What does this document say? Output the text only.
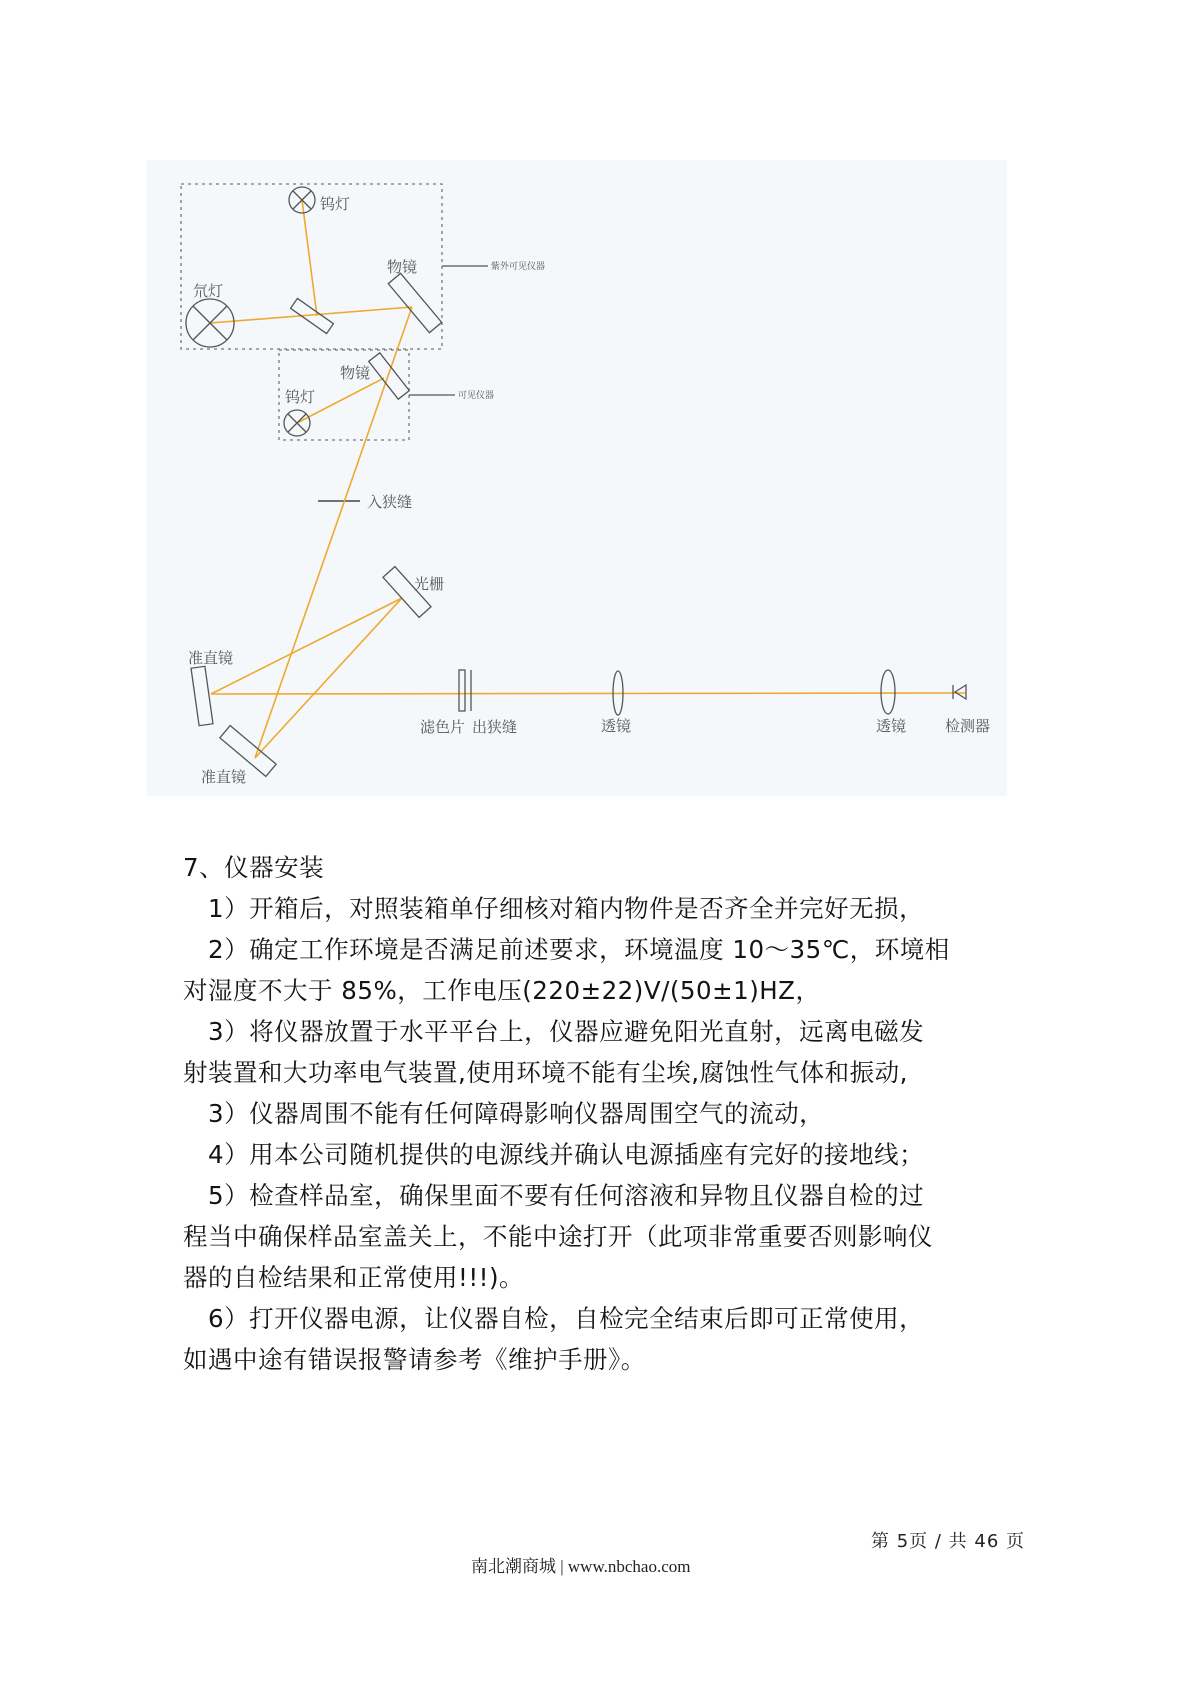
钨灯
氘灯
物镜
物镜
钨灯
入狭缝
光栅
准直镜
准直镜
滤色片 出狭缝	透镜	透镜	检测器
紫外可见仪器
可见仪器
7、仪器安装
1）开箱后，对照装箱单仔细核对箱内物件是否齐全并完好无损，
2）确定工作环境是否满足前述要求，环境温度 10～35℃，环境相
对湿度不大于 85%，工作电压(220±22)V/(50±1)HZ，
3）将仪器放置于水平平台上，仪器应避免阳光直射，远离电磁发
射装置和大功率电气装置,使用环境不能有尘埃,腐蚀性气体和振动,
3）仪器周围不能有任何障碍影响仪器周围空气的流动，
4）用本公司随机提供的电源线并确认电源插座有完好的接地线；
5）检查样品室，确保里面不要有任何溶液和异物且仪器自检的过
程当中确保样品室盖关上，不能中途打开（此项非常重要否则影响仪
器的自检结果和正常使用!!!)。
6）打开仪器电源，让仪器自检，自检完全结束后即可正常使用，
如遇中途有错误报警请参考《维护手册》。
第 5页 / 共 46 页
南北潮商城 | www.nbchao.com
